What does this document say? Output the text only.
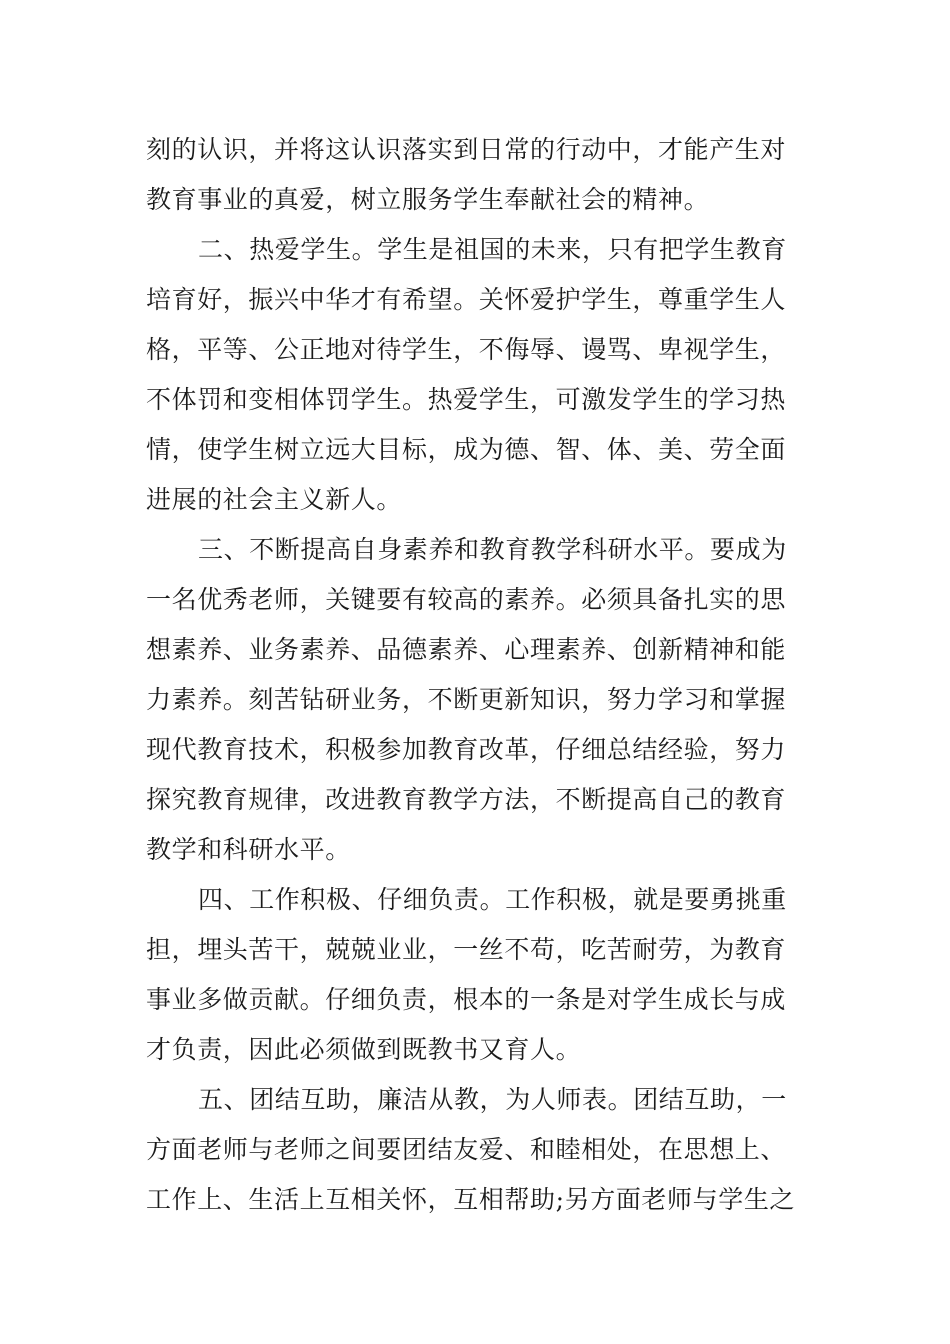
刻的认识，并将这认识落实到日常的行动中，才能产生对
教育事业的真爱，树立服务学生奉献社会的精神。
二、热爱学生。学生是祖国的未来，只有把学生教育
培育好，振兴中华才有希望。关怀爱护学生，尊重学生人
格，平等、公正地对待学生，不侮辱、谩骂、卑视学生，
不体罚和变相体罚学生。热爱学生，可激发学生的学习热
情，使学生树立远大目标，成为德、智、体、美、劳全面
进展的社会主义新人。
三、不断提高自身素养和教育教学科研水平。要成为
一名优秀老师，关键要有较高的素养。必须具备扎实的思
想素养、业务素养、品德素养、心理素养、创新精神和能
力素养。刻苦钻研业务，不断更新知识，努力学习和掌握
现代教育技术，积极参加教育改革，仔细总结经验，努力
探究教育规律，改进教育教学方法，不断提高自己的教育
教学和科研水平。
四、工作积极、仔细负责。工作积极，就是要勇挑重
担，埋头苦干，兢兢业业，一丝不苟，吃苦耐劳，为教育
事业多做贡献。仔细负责，根本的一条是对学生成长与成
才负责，因此必须做到既教书又育人。
五、团结互助，廉洁从教，为人师表。团结互助，一
方面老师与老师之间要团结友爱、和睦相处，在思想上、
工作上、生活上互相关怀，互相帮助;另方面老师与学生之
